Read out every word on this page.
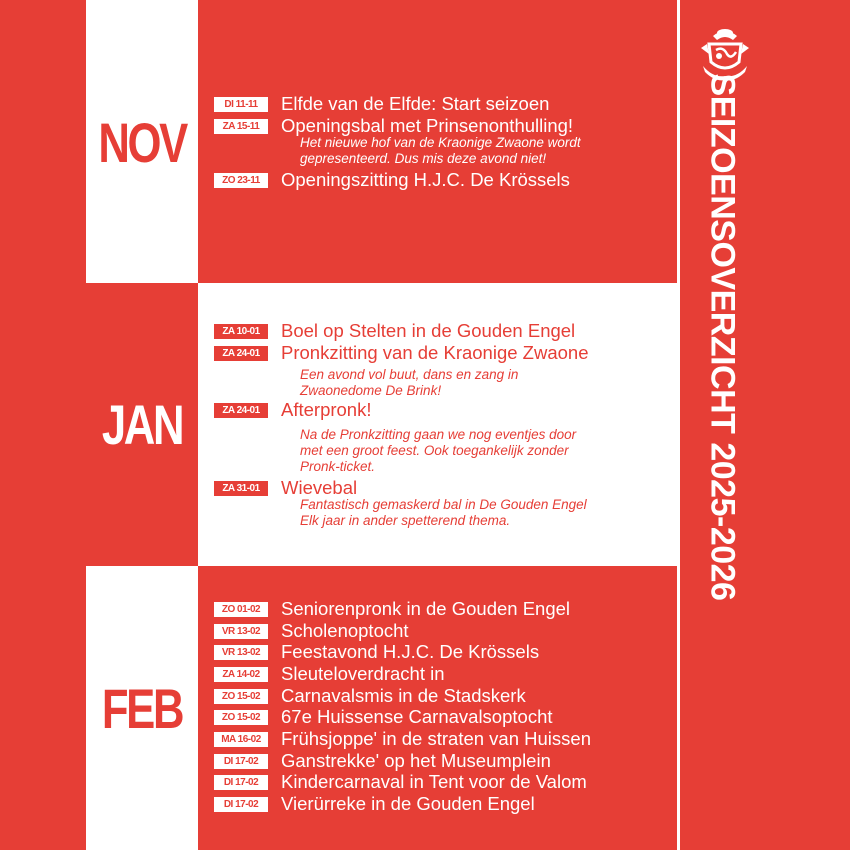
NOV
JAN
FEB
SEIZOENSOVERZICHT 2025-2026
DI 11-11	Elfde van de Elfde: Start seizoen
ZA 15-11	Openingsbal met Prinsenonthulling!
Het nieuwe hof van de Kraonige Zwaone wordt
gepresenteerd. Dus mis deze avond niet!
ZO 23-11	Openingszitting H.J.C. De Krössels
ZA 10-01	Boel op Stelten in de Gouden Engel
ZA 24-01	Pronkzitting van de Kraonige Zwaone
Een avond vol buut, dans en zang in
Zwaonedome De Brink!
ZA 24-01	Afterpronk!
Na de Pronkzitting gaan we nog eventjes door
met een groot feest. Ook toegankelijk zonder
Pronk-ticket.
ZA 31-01	Wievebal
Fantastisch gemaskerd bal in De Gouden Engel
Elk jaar in ander spetterend thema.
ZO 01-02	Seniorenpronk in de Gouden Engel
VR 13-02	Scholenoptocht
VR 13-02	Feestavond H.J.C. De Krössels
ZA 14-02	Sleuteloverdracht in
ZO 15-02	Carnavalsmis in de Stadskerk
ZO 15-02	67e Huissense Carnavalsoptocht
MA 16-02	Frühsjoppe' in de straten van Huissen
DI 17-02	Ganstrekke' op het Museumplein
DI 17-02	Kindercarnaval in Tent voor de Valom
DI 17-02	Vierürreke in de Gouden Engel
